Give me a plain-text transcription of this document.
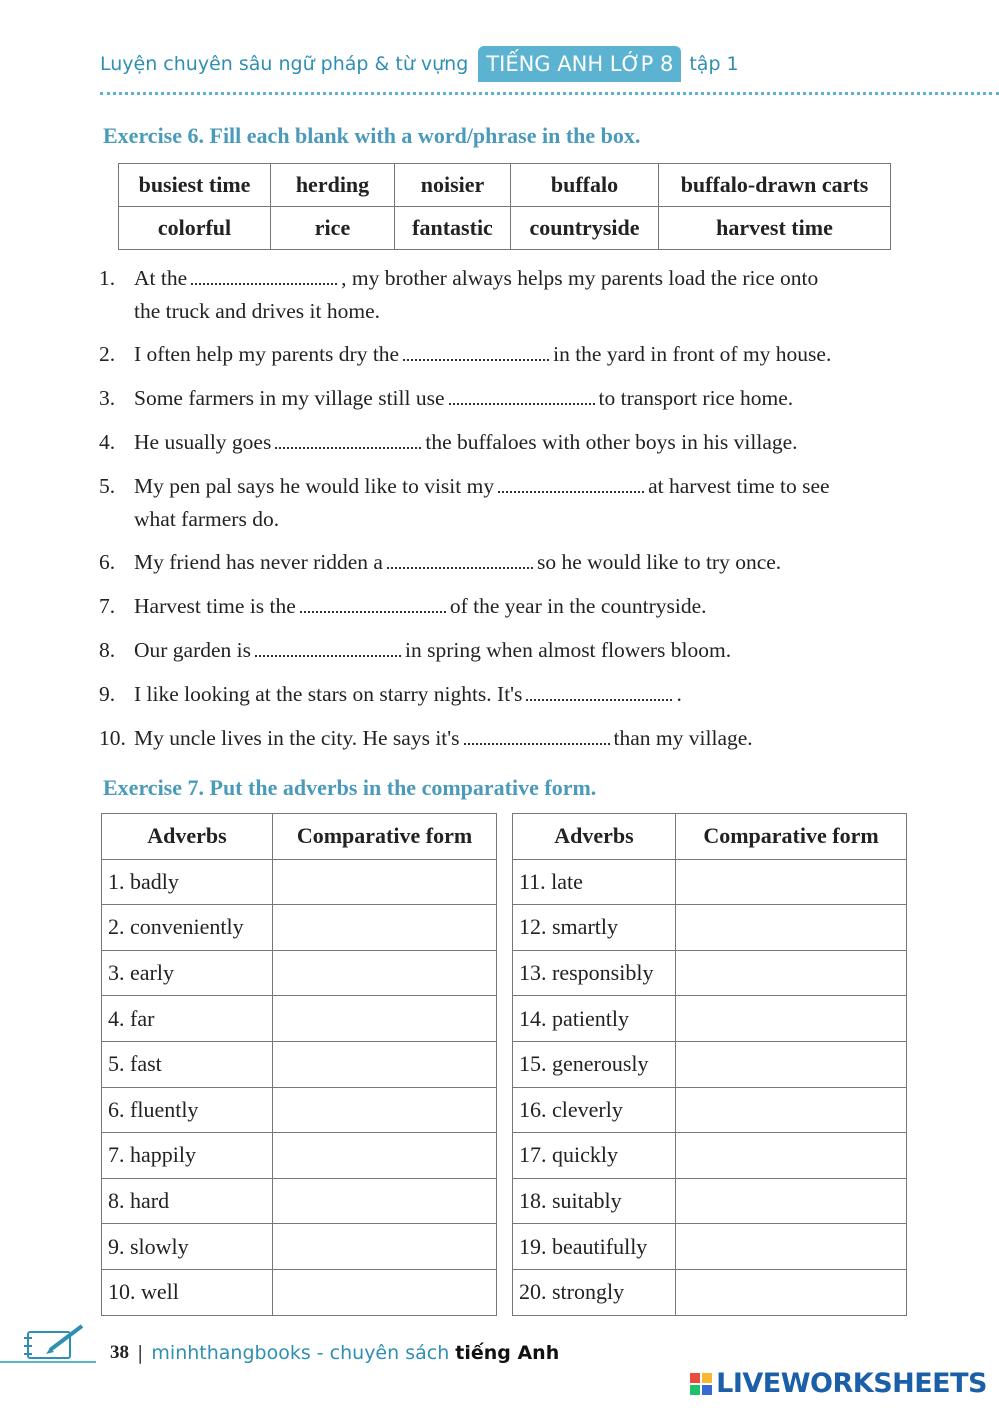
Luyện chuyên sâu ngữ pháp & từ vựng TIẾNG ANH LỚP 8 tập 1
Exercise 6. Fill each blank with a word/phrase in the box.
busiest time	herding	noisier	buffalo	buffalo-drawn carts
colorful	rice	fantastic	countryside	harvest time
1. At the	, my brother always helps my parents load the rice onto
the truck and drives it home.
2. I often help my parents dry the	in the yard in front of my house.
3. Some farmers in my village still use	to transport rice home.
4. He usually goes	the buffaloes with other boys in his village.
5. My pen pal says he would like to visit my	at harvest time to see
what farmers do.
6. My friend has never ridden a	so he would like to try once.
7. Harvest time is the	of the year in the countryside.
8. Our garden is	in spring when almost flowers bloom.
9. I like looking at the stars on starry nights. It's	.
10. My uncle lives in the city. He says it's	than my village.
Exercise 7. Put the adverbs in the comparative form.
Adverbs	Comparative form
1. badly	
2. conveniently	
3. early	
4. far	
5. fast	
6. fluently	
7. happily	
8. hard	
9. slowly	
10. well	
Adverbs	Comparative form
11. late	
12. smartly	
13. responsibly	
14. patiently	
15. generously	
16. cleverly	
17. quickly	
18. suitably	
19. beautifully	
20. strongly	
38 | minhthangbooks - chuyên sách tiếng Anh
LIVEWORKSHEETS
